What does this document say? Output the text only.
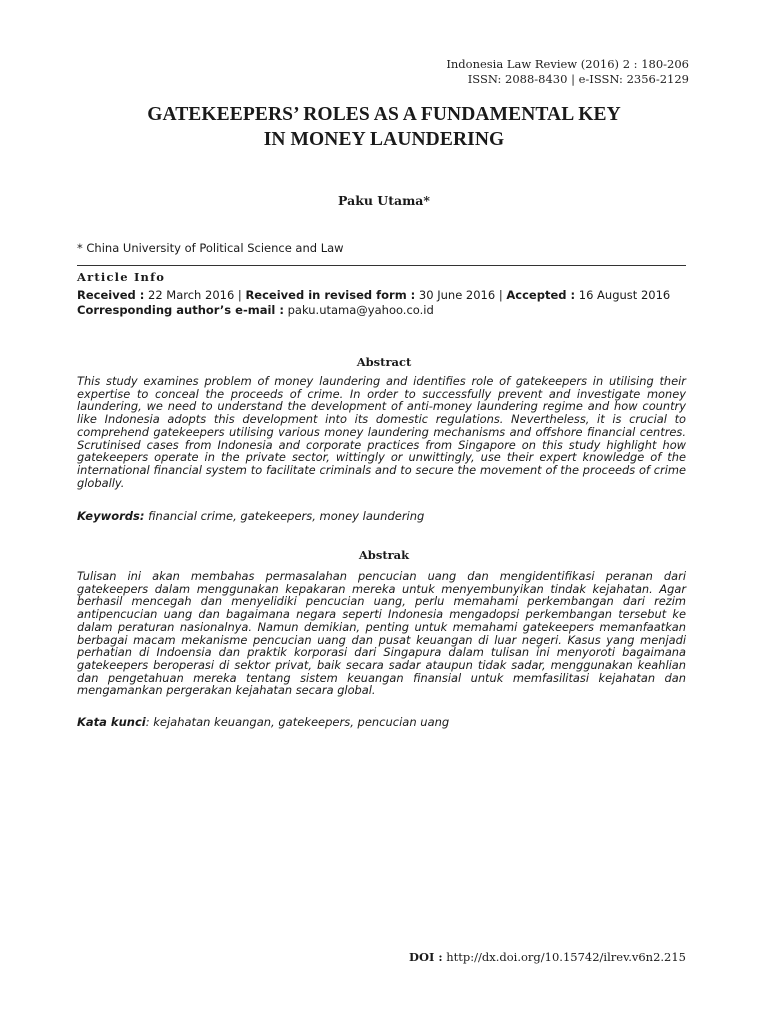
Indonesia Law Review (2016) 2 : 180-206
ISSN: 2088-8430 | e-ISSN: 2356-2129
GATEKEEPERS’ ROLES AS A FUNDAMENTAL KEY
IN MONEY LAUNDERING
Paku Utama*
* China University of Political Science and Law
Article Info
Received : 22 March 2016 | Received in revised form : 30 June 2016 | Accepted : 16 August 2016
Corresponding author’s e-mail : paku.utama@yahoo.co.id
Abstract
This study examines problem of money laundering and identifies role of gatekeepers in utilising their expertise to conceal the proceeds of crime. In order to successfully prevent and investigate money laundering, we need to understand the development of anti-money laundering regime and how country like Indonesia adopts this development into its domestic regulations. Nevertheless, it is crucial to comprehend gatekeepers utilising various money laundering mechanisms and offshore financial centres. Scrutinised cases from Indonesia and corporate practices from Singapore on this study highlight how gatekeepers operate in the private sector, wittingly or unwittingly, use their expert knowledge of the international financial system to facilitate criminals and to secure the movement of the proceeds of crime globally.
Keywords: financial crime, gatekeepers, money laundering
Abstrak
Tulisan ini akan membahas permasalahan pencucian uang dan mengidentifikasi peranan dari gatekeepers dalam menggunakan kepakaran mereka untuk menyembunyikan tindak kejahatan. Agar berhasil mencegah dan menyelidiki pencucian uang, perlu memahami perkembangan dari rezim antipencucian uang dan bagaimana negara seperti Indonesia mengadopsi perkembangan tersebut ke dalam peraturan nasionalnya. Namun demikian, penting untuk memahami gatekeepers memanfaatkan berbagai macam mekanisme pencucian uang dan pusat keuangan di luar negeri. Kasus yang menjadi perhatian di Indoensia dan praktik korporasi dari Singapura dalam tulisan ini menyoroti bagaimana gatekeepers beroperasi di sektor privat, baik secara sadar ataupun tidak sadar, menggunakan keahlian dan pengetahuan mereka tentang sistem keuangan finansial untuk memfasilitasi kejahatan dan mengamankan pergerakan kejahatan secara global.
Kata kunci: kejahatan keuangan, gatekeepers, pencucian uang
DOI : http://dx.doi.org/10.15742/ilrev.v6n2.215
